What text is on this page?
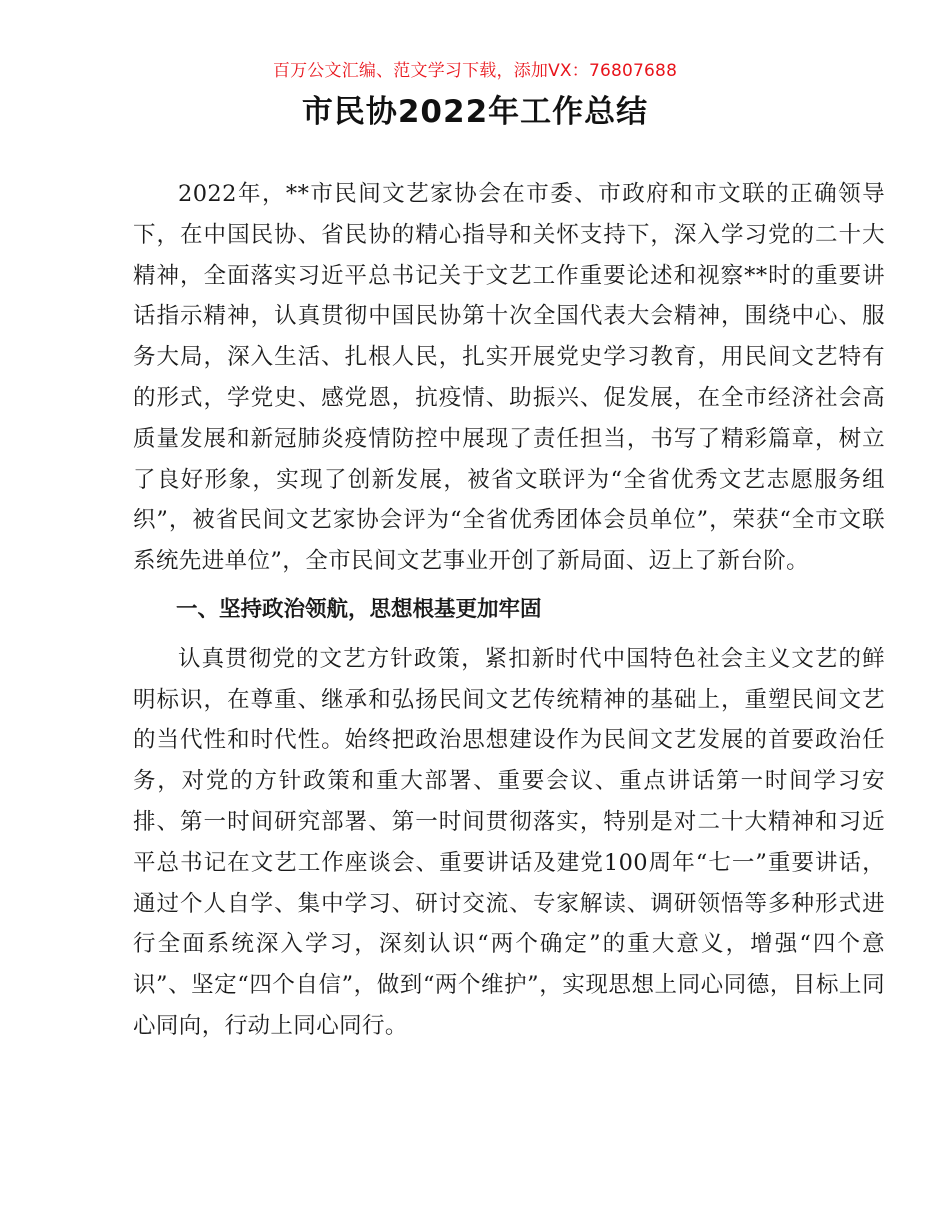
百万公文汇编、范文学习下载，添加VX：76807688
市民协2022年工作总结

2022年，**市民间文艺家协会在市委、市政府和市文联的正确领导下，在中国民协、省民协的精心指导和关怀支持下，深入学习党的二十大精神，全面落实习近平总书记关于文艺工作重要论述和视察**时的重要讲话指示精神，认真贯彻中国民协第十次全国代表大会精神，围绕中心、服务大局，深入生活、扎根人民，扎实开展党史学习教育，用民间文艺特有的形式，学党史、感党恩，抗疫情、助振兴、促发展，在全市经济社会高质量发展和新冠肺炎疫情防控中展现了责任担当，书写了精彩篇章，树立了良好形象，实现了创新发展，被省文联评为“全省优秀文艺志愿服务组织”，被省民间文艺家协会评为“全省优秀团体会员单位”，荣获“全市文联系统先进单位”，全市民间文艺事业开创了新局面、迈上了新台阶。

一、坚持政治领航，思想根基更加牢固

认真贯彻党的文艺方针政策，紧扣新时代中国特色社会主义文艺的鲜明标识，在尊重、继承和弘扬民间文艺传统精神的基础上，重塑民间文艺的当代性和时代性。始终把政治思想建设作为民间文艺发展的首要政治任务，对党的方针政策和重大部署、重要会议、重点讲话第一时间学习安排、第一时间研究部署、第一时间贯彻落实，特别是对二十大精神和习近平总书记在文艺工作座谈会、重要讲话及建党100周年“七一”重要讲话，通过个人自学、集中学习、研讨交流、专家解读、调研领悟等多种形式进行全面系统深入学习，深刻认识“两个确定”的重大意义，增强“四个意识”、坚定“四个自信”，做到“两个维护”，实现思想上同心同德，目标上同心同向，行动上同心同行。
